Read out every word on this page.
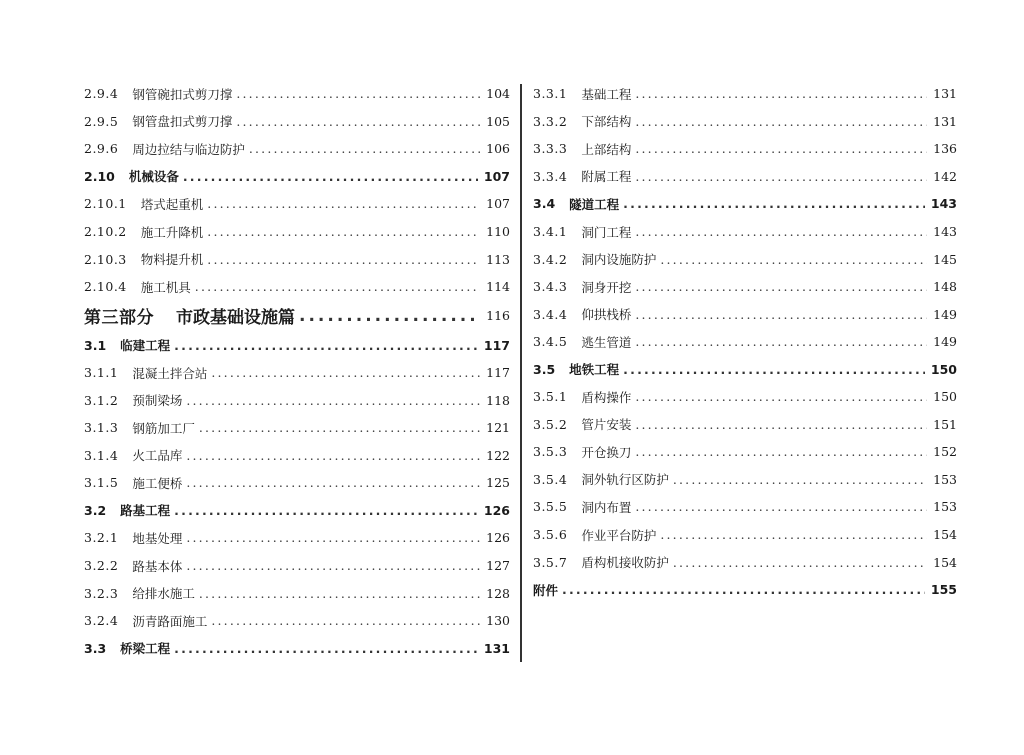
2.9.4 钢管碗扣式剪刀撑 .....	104
2.9.5 钢管盘扣式剪刀撑 .....	105
2.9.6 周边拉结与临边防护 .....	106
2.10 机械设备 .....	107
2.10.1 塔式起重机 .....	107
2.10.2 施工升降机 .....	110
2.10.3 物料提升机 .....	113
2.10.4 施工机具 .....	114
第三部分 市政基础设施篇 .....	116
3.1 临建工程 .....	117
3.1.1 混凝土拌合站 .....	117
3.1.2 预制梁场 .....	118
3.1.3 钢筋加工厂 .....	121
3.1.4 火工品库 .....	122
3.1.5 施工便桥 .....	125
3.2 路基工程 .....	126
3.2.1 地基处理 .....	126
3.2.2 路基本体 .....	127
3.2.3 给排水施工 .....	128
3.2.4 沥青路面施工 .....	130
3.3 桥梁工程 .....	131
3.3.1 基础工程 .....	131
3.3.2 下部结构 .....	131
3.3.3 上部结构 .....	136
3.3.4 附属工程 .....	142
3.4 隧道工程 .....	143
3.4.1 洞门工程 .....	143
3.4.2 洞内设施防护 .....	145
3.4.3 洞身开挖 .....	148
3.4.4 仰拱栈桥 .....	149
3.4.5 逃生管道 .....	149
3.5 地铁工程 .....	150
3.5.1 盾构操作 .....	150
3.5.2 管片安装 .....	151
3.5.3 开仓换刀 .....	152
3.5.4 洞外轨行区防护 .....	153
3.5.5 洞内布置 .....	153
3.5.6 作业平台防护 .....	154
3.5.7 盾构机接收防护 .....	154
附件 .....	155
